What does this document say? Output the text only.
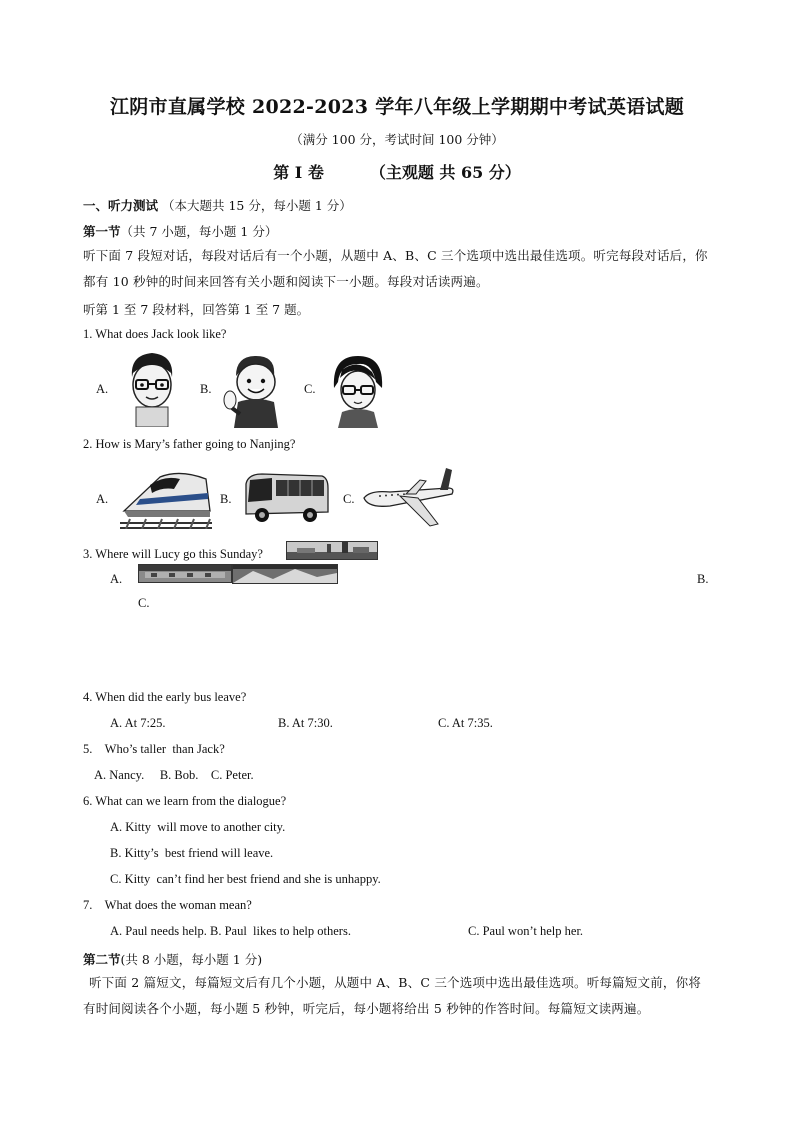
江阴市直属学校 2022-2023 学年八年级上学期期中考试英语试题
（满分 100 分，考试时间 100 分钟）
第 I 卷	（主观题 共 65 分）
一、听力测试 （本大题共 15 分，每小题 1 分）
第一节（共 7 小题，每小题 1 分）
听下面 7 段短对话，每段对话后有一个小题，从题中 A、B、C 三个选项中选出最佳选项。听完每段对话后，你都有 10 秒钟的时间来回答有关小题和阅读下一小题。每段对话读两遍。
听第 1 至 7 段材料，回答第 1 至 7 题。
1. What does Jack look like?
A.	B.	C.
2. How is Mary’s father going to Nanjing?
A.	B.	C.
3. Where will Lucy go this Sunday?
A.	B.
C.
4. When did the early bus leave?
A. At 7:25.	B. At 7:30.	C. At 7:35.
5.    Who’s taller  than Jack?
A. Nancy.     B. Bob.    C. Peter.
6. What can we learn from the dialogue?
A. Kitty  will move to another city.
B. Kitty’s  best friend will leave.
C. Kitty  can’t find her best friend and she is unhappy.
7.    What does the woman mean?
A. Paul needs help. B. Paul  likes to help others.	C. Paul won’t help her.
第二节(共 8 小题，每小题 1 分)
听下面 2 篇短文，每篇短文后有几个小题，从题中 A、B、C 三个选项中选出最佳选项。听每篇短文前，你将有时间阅读各个小题，每小题 5 秒钟，听完后，每小题将给出 5 秒钟的作答时间。每篇短文读两遍。
